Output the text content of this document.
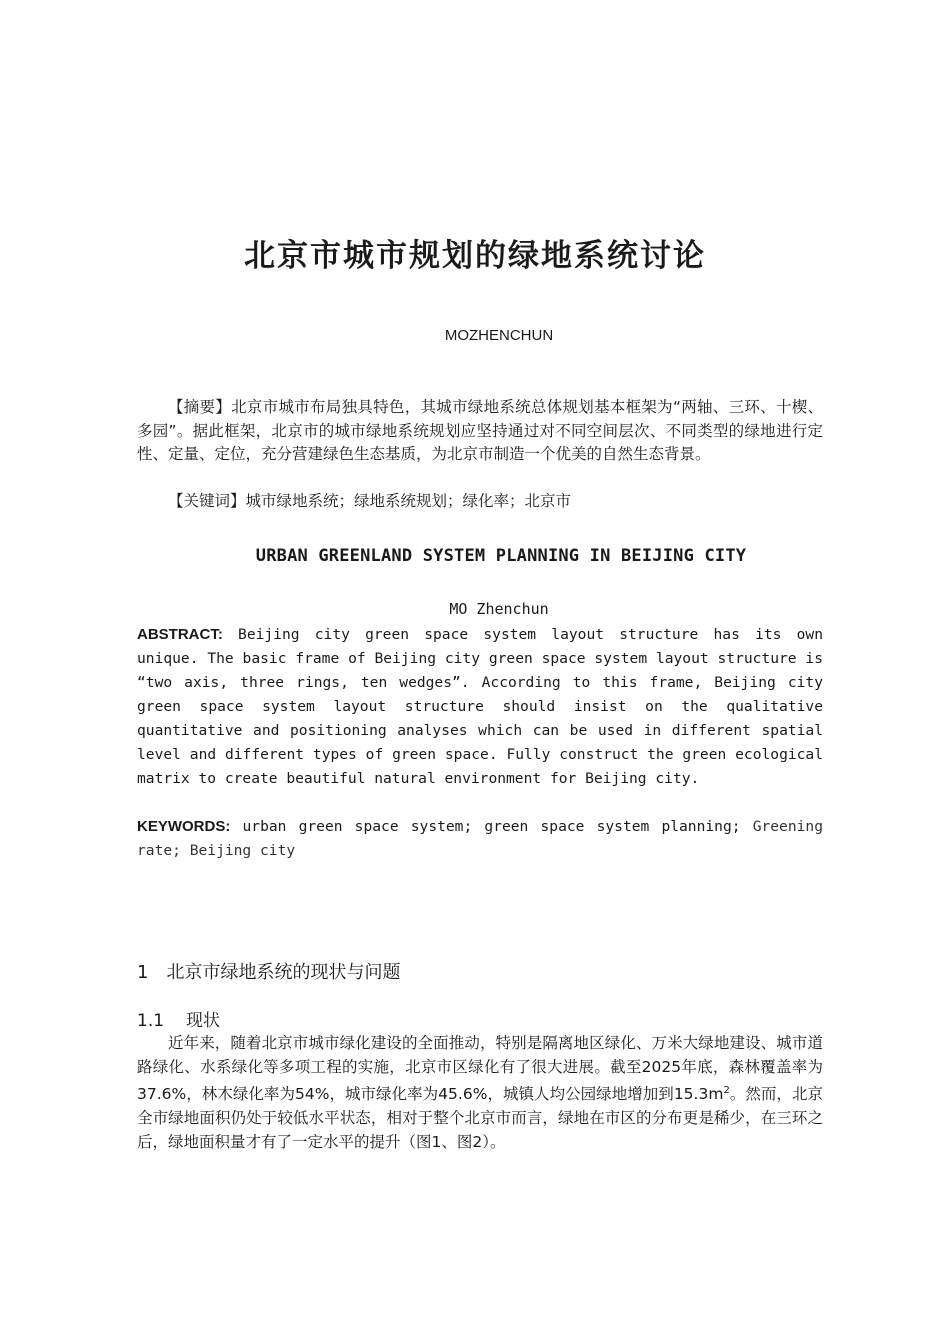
北京市城市规划的绿地系统讨论
MOZHENCHUN
【摘要】北京市城市布局独具特色，其城市绿地系统总体规划基本框架为“两轴、三环、十楔、多园”。据此框架，北京市的城市绿地系统规划应坚持通过对不同空间层次、不同类型的绿地进行定性、定量、定位，充分营建绿色生态基质，为北京市制造一个优美的自然生态背景。
【关键词】城市绿地系统；绿地系统规划；绿化率；北京市
URBAN GREENLAND SYSTEM PLANNING IN BEIJING CITY
MO Zhenchun
ABSTRACT: Beijing city green space system layout structure has its own unique. The basic frame of Beijing city green space system layout structure is “two axis, three rings, ten wedges”. According to this frame, Beijing city green space system layout structure should insist on the qualitative quantitative and positioning analyses which can be used in different spatial level and different types of green space. Fully construct the green ecological matrix to create beautiful natural environment for Beijing city.
KEYWORDS: urban green space system; green space system planning; Greening rate; Beijing city
1 北京市绿地系统的现状与问题
1.1 现状
近年来，随着北京市城市绿化建设的全面推动，特别是隔离地区绿化、万米大绿地建设、城市道路绿化、水系绿化等多项工程的实施，北京市区绿化有了很大进展。截至2025年底，森林覆盖率为37.6%，林木绿化率为54%，城市绿化率为45.6%，城镇人均公园绿地增加到$15.3m^2$。然而，北京全市绿地面积仍处于较低水平状态，相对于整个北京市而言，绿地在市区的分布更是稀少，在三环之后，绿地面积量才有了一定水平的提升（图1、图2）。
